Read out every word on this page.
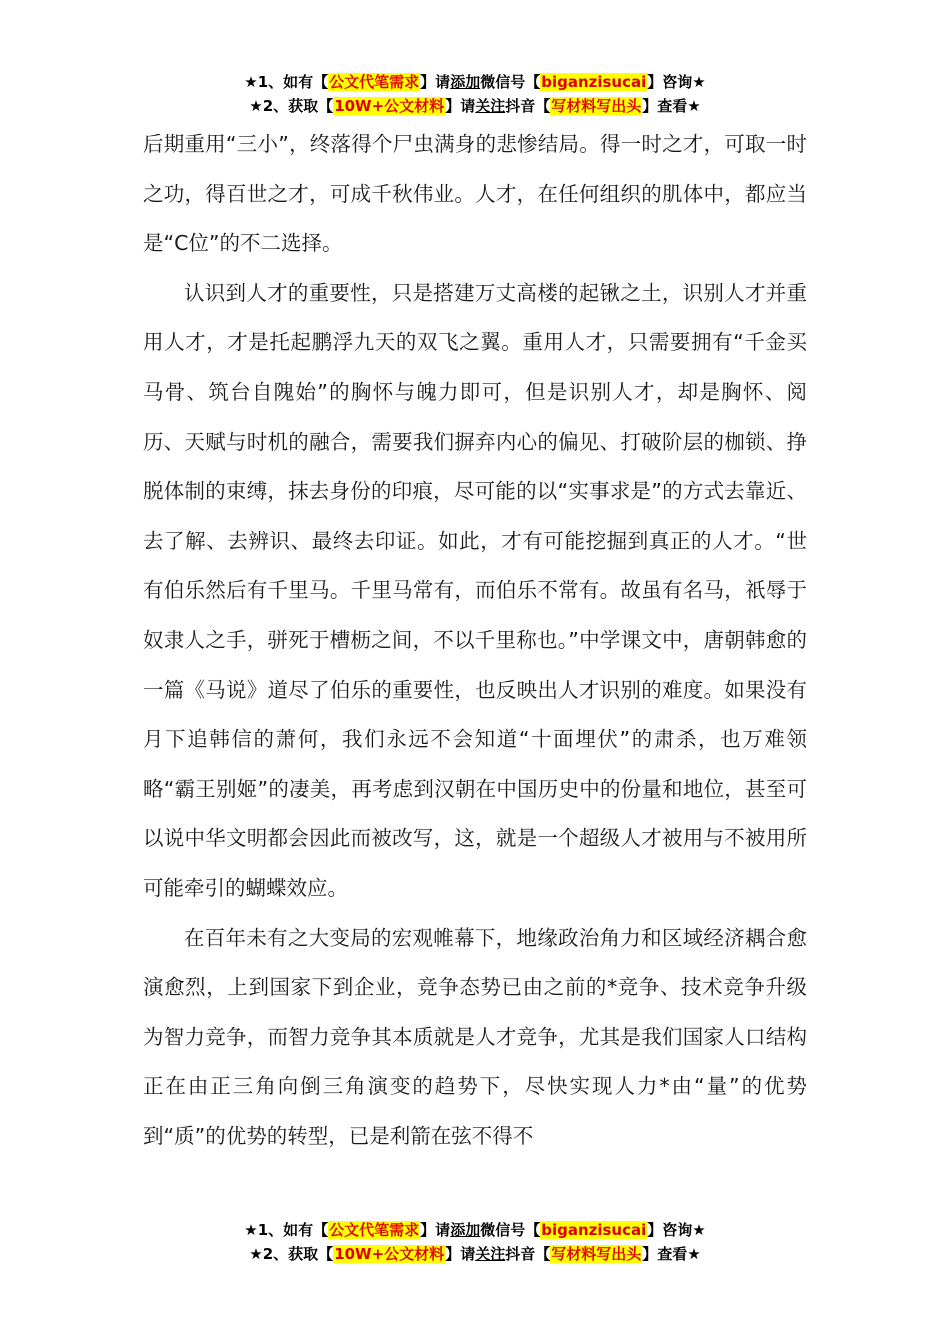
★1、如有【公文代笔需求】请添加微信号【biganzisucai】咨询★
★2、获取【10W+公文材料】请关注抖音【写材料写出头】查看★

后期重用“三小”，终落得个尸虫满身的悲惨结局。得一时之才，可取一时之功，得百世之才，可成千秋伟业。人才，在任何组织的肌体中，都应当是“C位”的不二选择。

认识到人才的重要性，只是搭建万丈高楼的起锹之土，识别人才并重用人才，才是托起鹏浮九天的双飞之翼。重用人才，只需要拥有“千金买马骨、筑台自隗始”的胸怀与魄力即可，但是识别人才，却是胸怀、阅历、天赋与时机的融合，需要我们摒弃内心的偏见、打破阶层的枷锁、挣脱体制的束缚，抹去身份的印痕，尽可能的以“实事求是”的方式去靠近、去了解、去辨识、最终去印证。如此，才有可能挖掘到真正的人才。“世有伯乐然后有千里马。千里马常有，而伯乐不常有。故虽有名马，祇辱于奴隶人之手，骈死于槽枥之间，不以千里称也。”中学课文中，唐朝韩愈的一篇《马说》道尽了伯乐的重要性，也反映出人才识别的难度。如果没有月下追韩信的萧何，我们永远不会知道“十面埋伏”的肃杀，也万难领略“霸王别姬”的凄美，再考虑到汉朝在中国历史中的份量和地位，甚至可以说中华文明都会因此而被改写，这，就是一个超级人才被用与不被用所可能牵引的蝴蝶效应。

在百年未有之大变局的宏观帷幕下，地缘政治角力和区域经济耦合愈演愈烈，上到国家下到企业，竞争态势已由之前的*竞争、技术竞争升级为智力竞争，而智力竞争其本质就是人才竞争，尤其是我们国家人口结构正在由正三角向倒三角演变的趋势下，尽快实现人力*由“量”的优势到“质”的优势的转型，已是利箭在弦不得不

★1、如有【公文代笔需求】请添加微信号【biganzisucai】咨询★
★2、获取【10W+公文材料】请关注抖音【写材料写出头】查看★
